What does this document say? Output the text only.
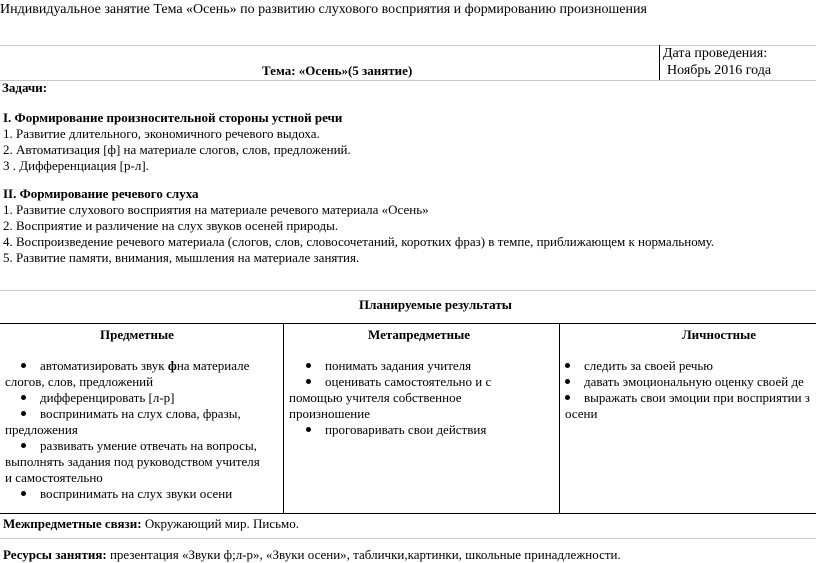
Индивидуальное занятие Тема «Осень» по развитию слухового восприятия и формированию произношения
Тема: «Осень»(5 занятие)
Дата проведения:
Ноябрь 2016 года
Задачи:
I. Формирование произносительной стороны устной речи
1. Развитие длительного, экономичного речевого выдоха.
2. Автоматизация [ф] на материале слогов, слов, предложений.
3 . Дифференциация [р-л].
II. Формирование речевого слуха
1. Развитие слухового восприятия на материале речевого материала «Осень»
2. Восприятие и различение на слух звуков осеней природы.
4. Воспроизведение речевого материала (слогов, слов, словосочетаний, коротких фраз) в темпе, приближающем к нормальному.
5. Развитие памяти, внимания, мышления на материале занятия.
Планируемые результаты
Предметные	Метапредметные	Личностные
автоматизировать звук фна материале
слогов, слов, предложений
дифференцировать [л-р]
воспринимать на слух слова, фразы,
предложения
развивать умение отвечать на вопросы,
выполнять задания под руководством учителя
и самостоятельно
воспринимать на слух звуки осени
понимать задания учителя
оценивать самостоятельно и с
помощью учителя собственное
произношение
проговаривать свои действия
следить за своей речью
давать эмоциональную оценку своей де
выражать свои эмоции при восприятии з
осени
Межпредметные связи: Окружающий мир. Письмо.
Ресурсы занятия: презентация «Звуки ф;л-р», «Звуки осени», таблички,картинки, школьные принадлежности.
